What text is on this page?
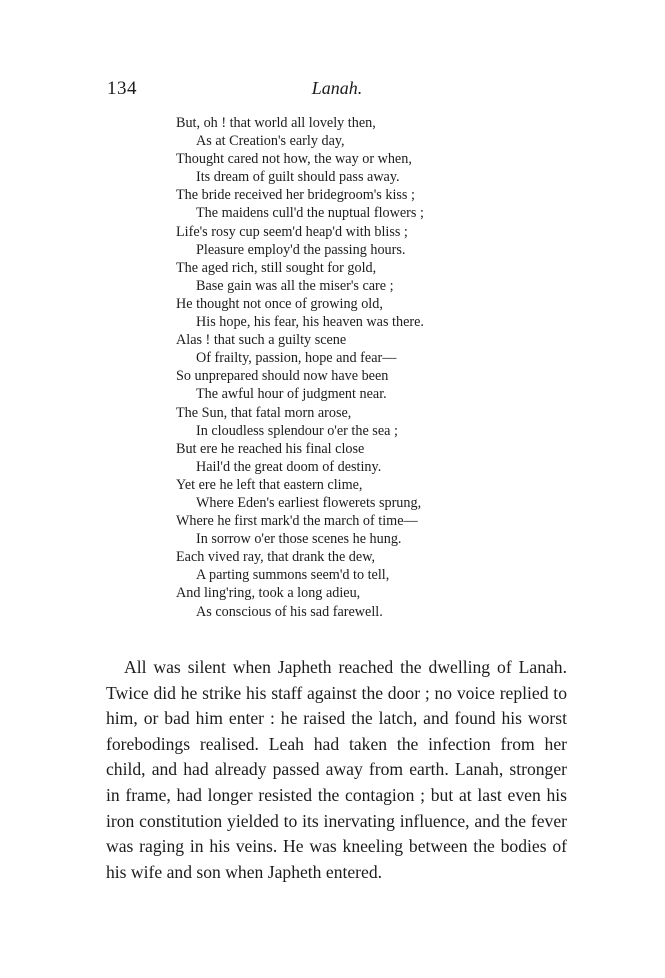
134	Lanah.
But, oh ! that world all lovely then,
As at Creation's early day,
Thought cared not how, the way or when,
Its dream of guilt should pass away.
The bride received her bridegroom's kiss ;
The maidens cull'd the nuptual flowers ;
Life's rosy cup seem'd heap'd with bliss ;
Pleasure employ'd the passing hours.
The aged rich, still sought for gold,
Base gain was all the miser's care ;
He thought not once of growing old,
His hope, his fear, his heaven was there.
Alas ! that such a guilty scene
Of frailty, passion, hope and fear—
So unprepared should now have been
The awful hour of judgment near.
The Sun, that fatal morn arose,
In cloudless splendour o'er the sea ;
But ere he reached his final close
Hail'd the great doom of destiny.
Yet ere he left that eastern clime,
Where Eden's earliest flowerets sprung,
Where he first mark'd the march of time—
In sorrow o'er those scenes he hung.
Each vived ray, that drank the dew,
A parting summons seem'd to tell,
And ling'ring, took a long adieu,
As conscious of his sad farewell.
All was silent when Japheth reached the dwelling of Lanah. Twice did he strike his staff against the door ; no voice replied to him, or bad him enter : he raised the latch, and found his worst forebodings realised. Leah had taken the infection from her child, and had already passed away from earth. Lanah, stronger in frame, had longer resisted the contagion ; but at last even his iron constitution yielded to its inervating influence, and the fever was raging in his veins. He was kneeling between the bodies of his wife and son when Japheth entered.
